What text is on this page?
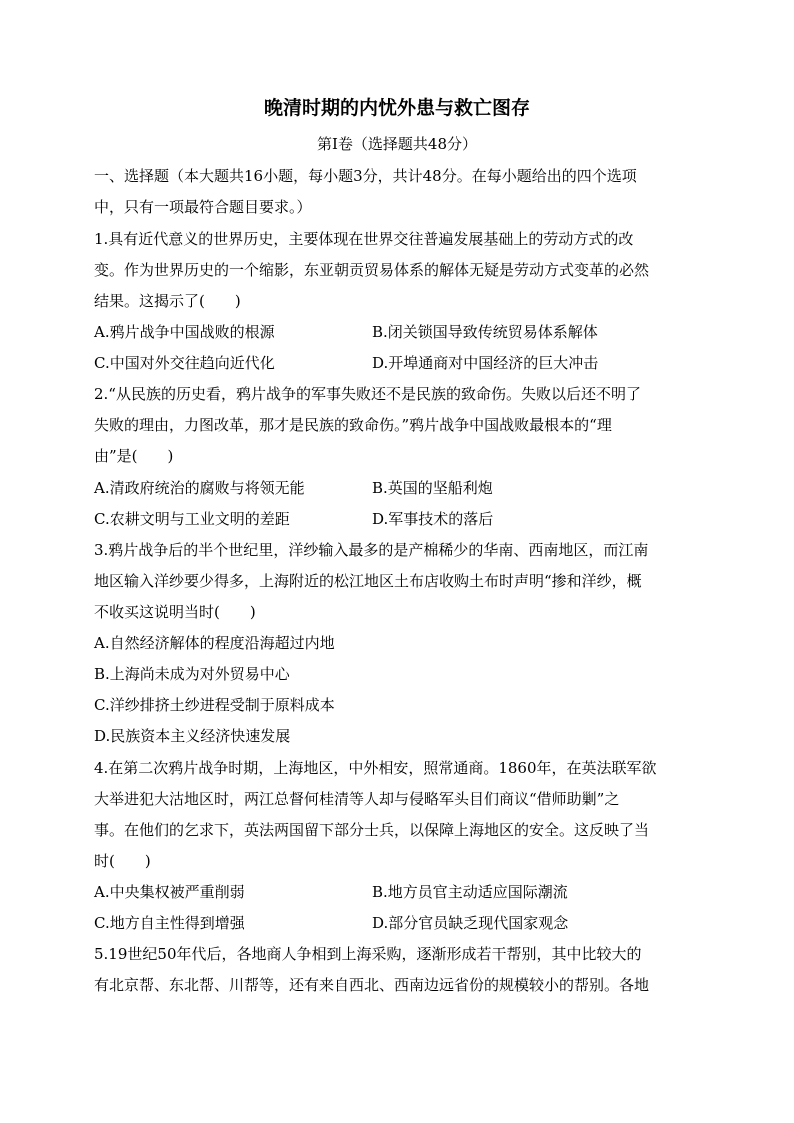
晚清时期的内忧外患与救亡图存
第Ⅰ卷（选择题共48分）
一、选择题（本大题共16小题，每小题3分，共计48分。在每小题给出的四个选项
中，只有一项最符合题目要求。）
1.具有近代意义的世界历史，主要体现在世界交往普遍发展基础上的劳动方式的改
变。作为世界历史的一个缩影，东亚朝贡贸易体系的解体无疑是劳动方式变革的必然
结果。这揭示了(　　)
A.鸦片战争中国战败的根源	B.闭关锁国导致传统贸易体系解体
C.中国对外交往趋向近代化	D.开埠通商对中国经济的巨大冲击
2.“从民族的历史看，鸦片战争的军事失败还不是民族的致命伤。失败以后还不明了
失败的理由，力图改革，那才是民族的致命伤。”鸦片战争中国战败最根本的“理
由”是(　　)
A.清政府统治的腐败与将领无能	B.英国的坚船利炮
C.农耕文明与工业文明的差距	D.军事技术的落后
3.鸦片战争后的半个世纪里，洋纱输入最多的是产棉稀少的华南、西南地区，而江南
地区输入洋纱要少得多，上海附近的松江地区土布店收购土布时声明“掺和洋纱，概
不收买这说明当时(　　)
A.自然经济解体的程度沿海超过内地
B.上海尚未成为对外贸易中心
C.洋纱排挤土纱进程受制于原料成本
D.民族资本主义经济快速发展
4.在第二次鸦片战争时期，上海地区，中外相安，照常通商。1860年，在英法联军欲
大举进犯大沽地区时，两江总督何桂清等人却与侵略军头目们商议“借师助剿”之
事。在他们的乞求下，英法两国留下部分士兵，以保障上海地区的安全。这反映了当
时(　　)
A.中央集权被严重削弱	B.地方员官主动适应国际潮流
C.地方自主性得到增强	D.部分官员缺乏现代国家观念
5.19世纪50年代后，各地商人争相到上海采购，逐渐形成若干帮别，其中比较大的
有北京帮、东北帮、川帮等，还有来自西北、西南边远省份的规模较小的帮别。各地
